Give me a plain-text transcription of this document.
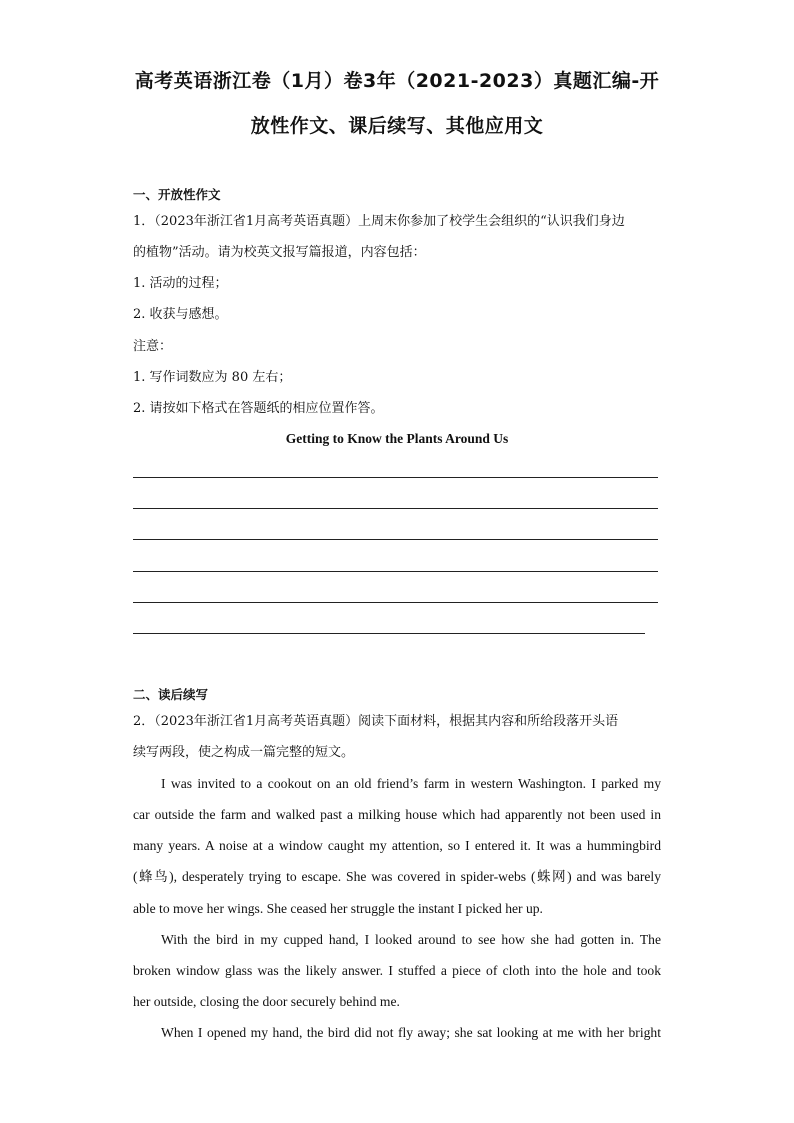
高考英语浙江卷（1月）卷3年（2021-2023）真题汇编-开
放性作文、课后续写、其他应用文
一、开放性作文
1．（2023年浙江省1月高考英语真题）上周末你参加了校学生会组织的“认识我们身边
的植物”活动。请为校英文报写篇报道，内容包括：
1. 活动的过程；
2. 收获与感想。
注意：
1. 写作词数应为 80 左右；
2. 请按如下格式在答题纸的相应位置作答。
Getting to Know the Plants Around Us
二、读后续写
2．（2023年浙江省1月高考英语真题）阅读下面材料，根据其内容和所给段落开头语
续写两段，使之构成一篇完整的短文。
I was invited to a cookout on an old friend’s farm in western Washington. I parked my
car outside the farm and walked past a milking house which had apparently not been used in
many years. A noise at a window caught my attention, so I entered it. It was a hummingbird
(蜂鸟), desperately trying to escape. She was covered in spider-webs (蛛网) and was barely
able to move her wings. She ceased her struggle the instant I picked her up.
With the bird in my cupped hand, I looked around to see how she had gotten in. The
broken window glass was the likely answer. I stuffed a piece of cloth into the hole and took
her outside, closing the door securely behind me.
When I opened my hand, the bird did not fly away; she sat looking at me with her bright
